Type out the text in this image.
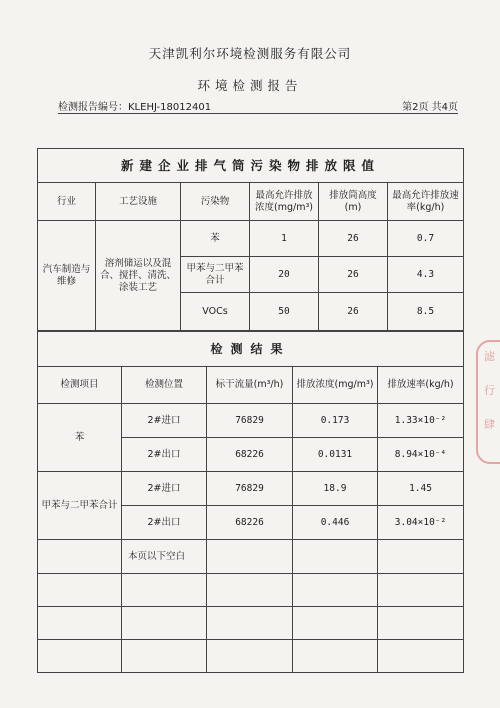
天津凯利尔环境检测服务有限公司
环境检测报告
检测报告编号：KLEHJ-18012401	第2页 共4页
新建企业排气筒污染物排放限值					
行业	工艺设施	污染物	最高允许排放浓度(mg/m³)	排放筒高度(m)	最高允许排放速率(kg/h)
汽车制造与维修	溶剂储运以及混合、搅拌、清洗、涂装工艺	苯	1	26	0.7
		甲苯与二甲苯合计	20	26	4.3
		VOCs	50	26	8.5
检测结果				
检测项目	检测位置	标干流量(m³/h)	排放浓度(mg/m³)	排放速率(kg/h)
苯	2#进口	76829	0.173	1.33×10⁻²
	2#出口	68226	0.0131	8.94×10⁻⁴
甲苯与二甲苯合计	2#进口	76829	18.9	1.45
	2#出口	68226	0.446	3.04×10⁻²
	本页以下空白			

滤
行
肆
